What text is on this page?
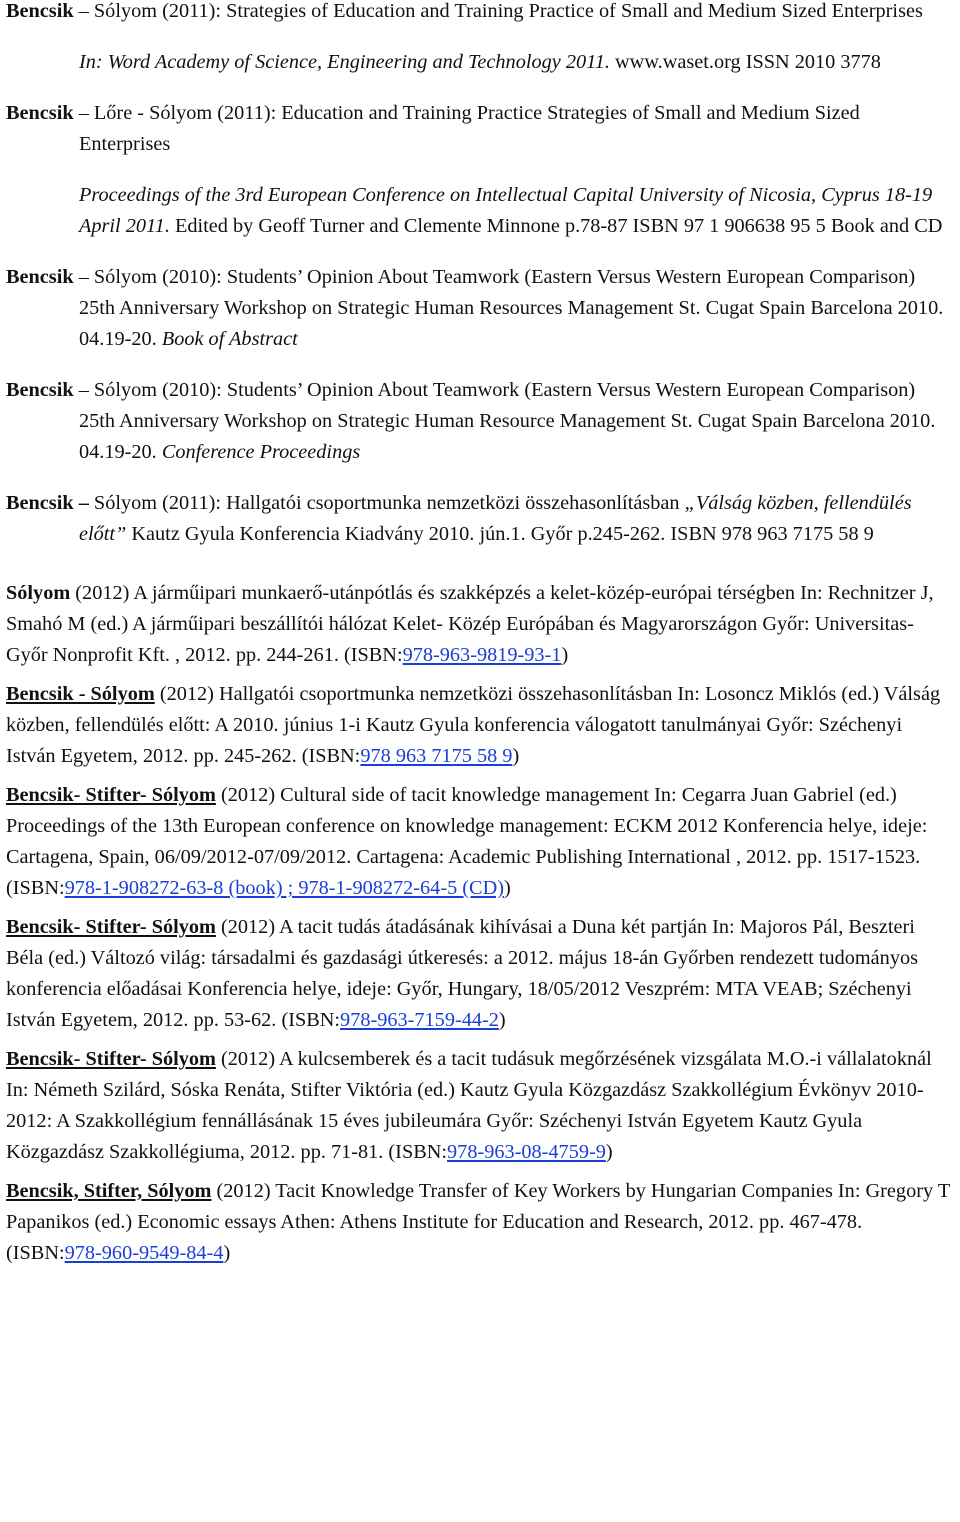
Bencsik – Sólyom (2011): Strategies of Education and Training Practice of Small and Medium Sized Enterprises
In: Word Academy of Science, Engineering and Technology 2011. www.waset.org ISSN 2010 3778
Bencsik – Lőre - Sólyom (2011): Education and Training Practice Strategies of Small and Medium Sized Enterprises
Proceedings of the 3rd European Conference on Intellectual Capital University of Nicosia, Cyprus 18-19 April 2011. Edited by Geoff Turner and Clemente Minnone p.78-87 ISBN 97 1 906638 95 5 Book and CD
Bencsik – Sólyom (2010): Students’ Opinion About Teamwork (Eastern Versus Western European Comparison) 25th Anniversary Workshop on Strategic Human Resources Management St. Cugat Spain Barcelona 2010. 04.19-20. Book of Abstract
Bencsik – Sólyom (2010): Students’ Opinion About Teamwork (Eastern Versus Western European Comparison) 25th Anniversary Workshop on Strategic Human Resource Management St. Cugat Spain Barcelona 2010. 04.19-20. Conference Proceedings
Bencsik – Sólyom (2011): Hallgatói csoportmunka nemzetközi összehasonlításban „Válság közben, fellendülés előtt” Kautz Gyula Konferencia Kiadvány 2010. jún.1. Győr p.245-262. ISBN 978 963 7175 58 9
Sólyom (2012) A járműipari munkaerő-utánpótlás és szakképzés a kelet-közép-európai térségben In: Rechnitzer J, Smahó M (ed.) A járműipari beszállítói hálózat Kelet- Közép Európában és Magyarországon Győr: Universitas-Győr Nonprofit Kft. , 2012. pp. 244-261. (ISBN:978-963-9819-93-1)
Bencsik - Sólyom (2012) Hallgatói csoportmunka nemzetközi összehasonlításban In: Losoncz Miklós (ed.) Válság közben, fellendülés előtt: A 2010. június 1-i Kautz Gyula konferencia válogatott tanulmányai Győr: Széchenyi István Egyetem, 2012. pp. 245-262. (ISBN:978 963 7175 58 9)
Bencsik- Stifter- Sólyom (2012) Cultural side of tacit knowledge management In: Cegarra Juan Gabriel (ed.) Proceedings of the 13th European conference on knowledge management: ECKM 2012 Konferencia helye, ideje: Cartagena, Spain, 06/09/2012-07/09/2012. Cartagena: Academic Publishing International , 2012. pp. 1517-1523. (ISBN:978-1-908272-63-8 (book) ; 978-1-908272-64-5 (CD))
Bencsik- Stifter- Sólyom (2012) A tacit tudás átadásának kihívásai a Duna két partján In: Majoros Pál, Beszteri Béla (ed.) Változó világ: társadalmi és gazdasági útkeresés: a 2012. május 18-án Győrben rendezett tudományos konferencia előadásai Konferencia helye, ideje: Győr, Hungary, 18/05/2012 Veszprém: MTA VEAB; Széchenyi István Egyetem, 2012. pp. 53-62. (ISBN:978-963-7159-44-2)
Bencsik- Stifter- Sólyom (2012) A kulcsemberek és a tacit tudásuk megőrzésének vizsgálata M.O.-i vállalatoknál In: Németh Szilárd, Sóska Renáta, Stifter Viktória (ed.) Kautz Gyula Közgazdász Szakkollégium Évkönyv 2010-2012: A Szakkollégium fennállásának 15 éves jubileumára Győr: Széchenyi István Egyetem Kautz Gyula Közgazdász Szakkollégiuma, 2012. pp. 71-81. (ISBN:978-963-08-4759-9)
Bencsik, Stifter, Sólyom (2012) Tacit Knowledge Transfer of Key Workers by Hungarian Companies In: Gregory T Papanikos (ed.) Economic essays Athen: Athens Institute for Education and Research, 2012. pp. 467-478. (ISBN:978-960-9549-84-4)
